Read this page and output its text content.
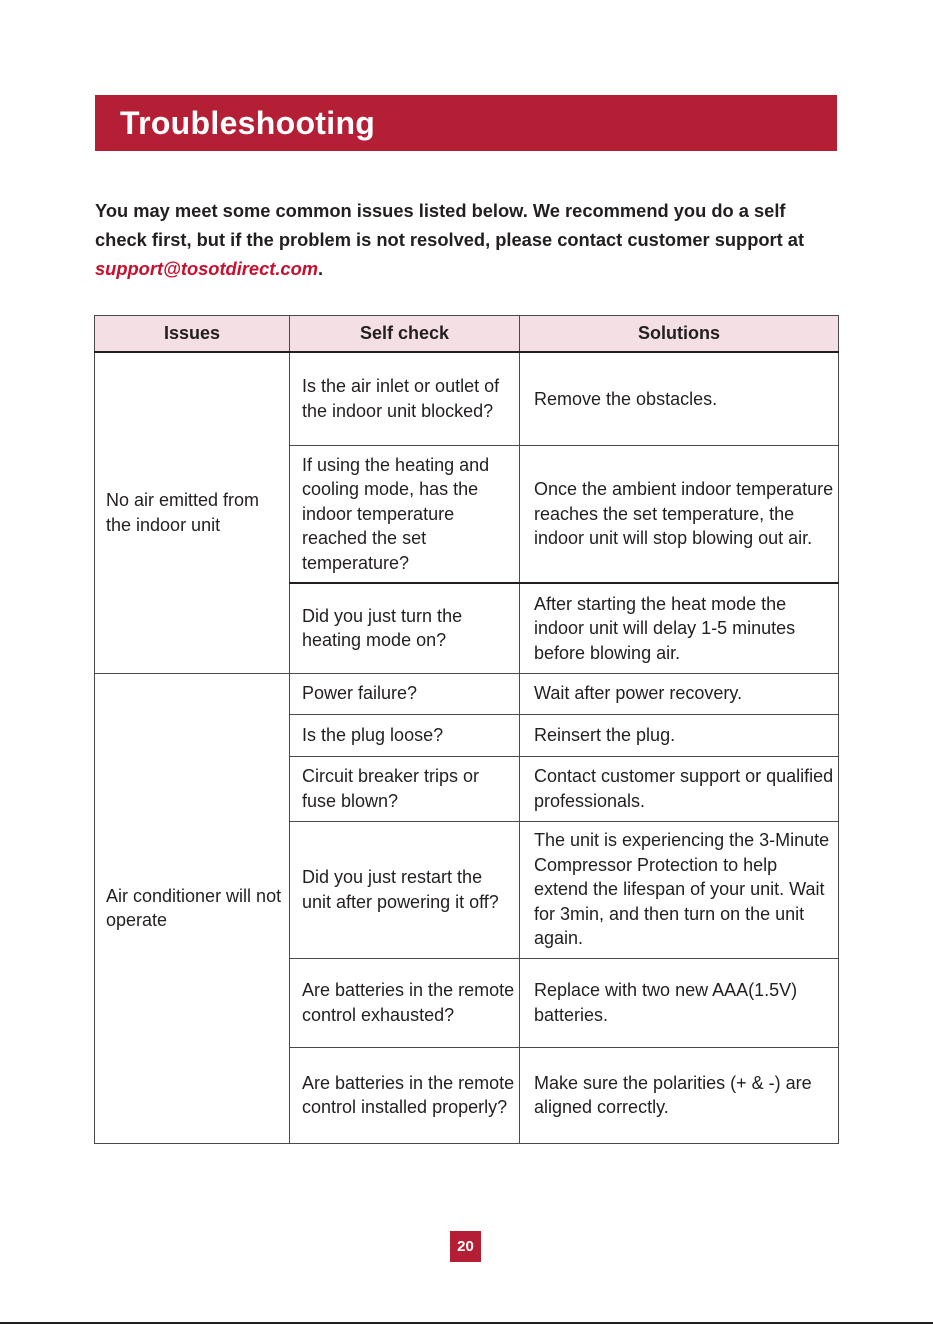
Troubleshooting

You may meet some common issues listed below. We recommend you do a self check first, but if the problem is not resolved, please contact customer support at support@tosotdirect.com.

Issues	Self check	Solutions
No air emitted from the indoor unit	Is the air inlet or outlet of the indoor unit blocked?	Remove the obstacles.
	If using the heating and cooling mode, has the indoor temperature reached the set temperature?	Once the ambient indoor temperature reaches the set temperature, the indoor unit will stop blowing out air.
	Did you just turn the heating mode on?	After starting the heat mode the indoor unit will delay 1-5 minutes before blowing air.
Air conditioner will not operate	Power failure?	Wait after power recovery.
	Is the plug loose?	Reinsert the plug.
	Circuit breaker trips or fuse blown?	Contact customer support or qualified professionals.
	Did you just restart the unit after powering it off?	The unit is experiencing the 3-Minute Compressor Protection to help extend the lifespan of your unit. Wait for 3min, and then turn on the unit again.
	Are batteries in the remote control exhausted?	Replace with two new AAA(1.5V) batteries.
	Are batteries in the remote control installed properly?	Make sure the polarities (+ & -) are aligned correctly.
20
